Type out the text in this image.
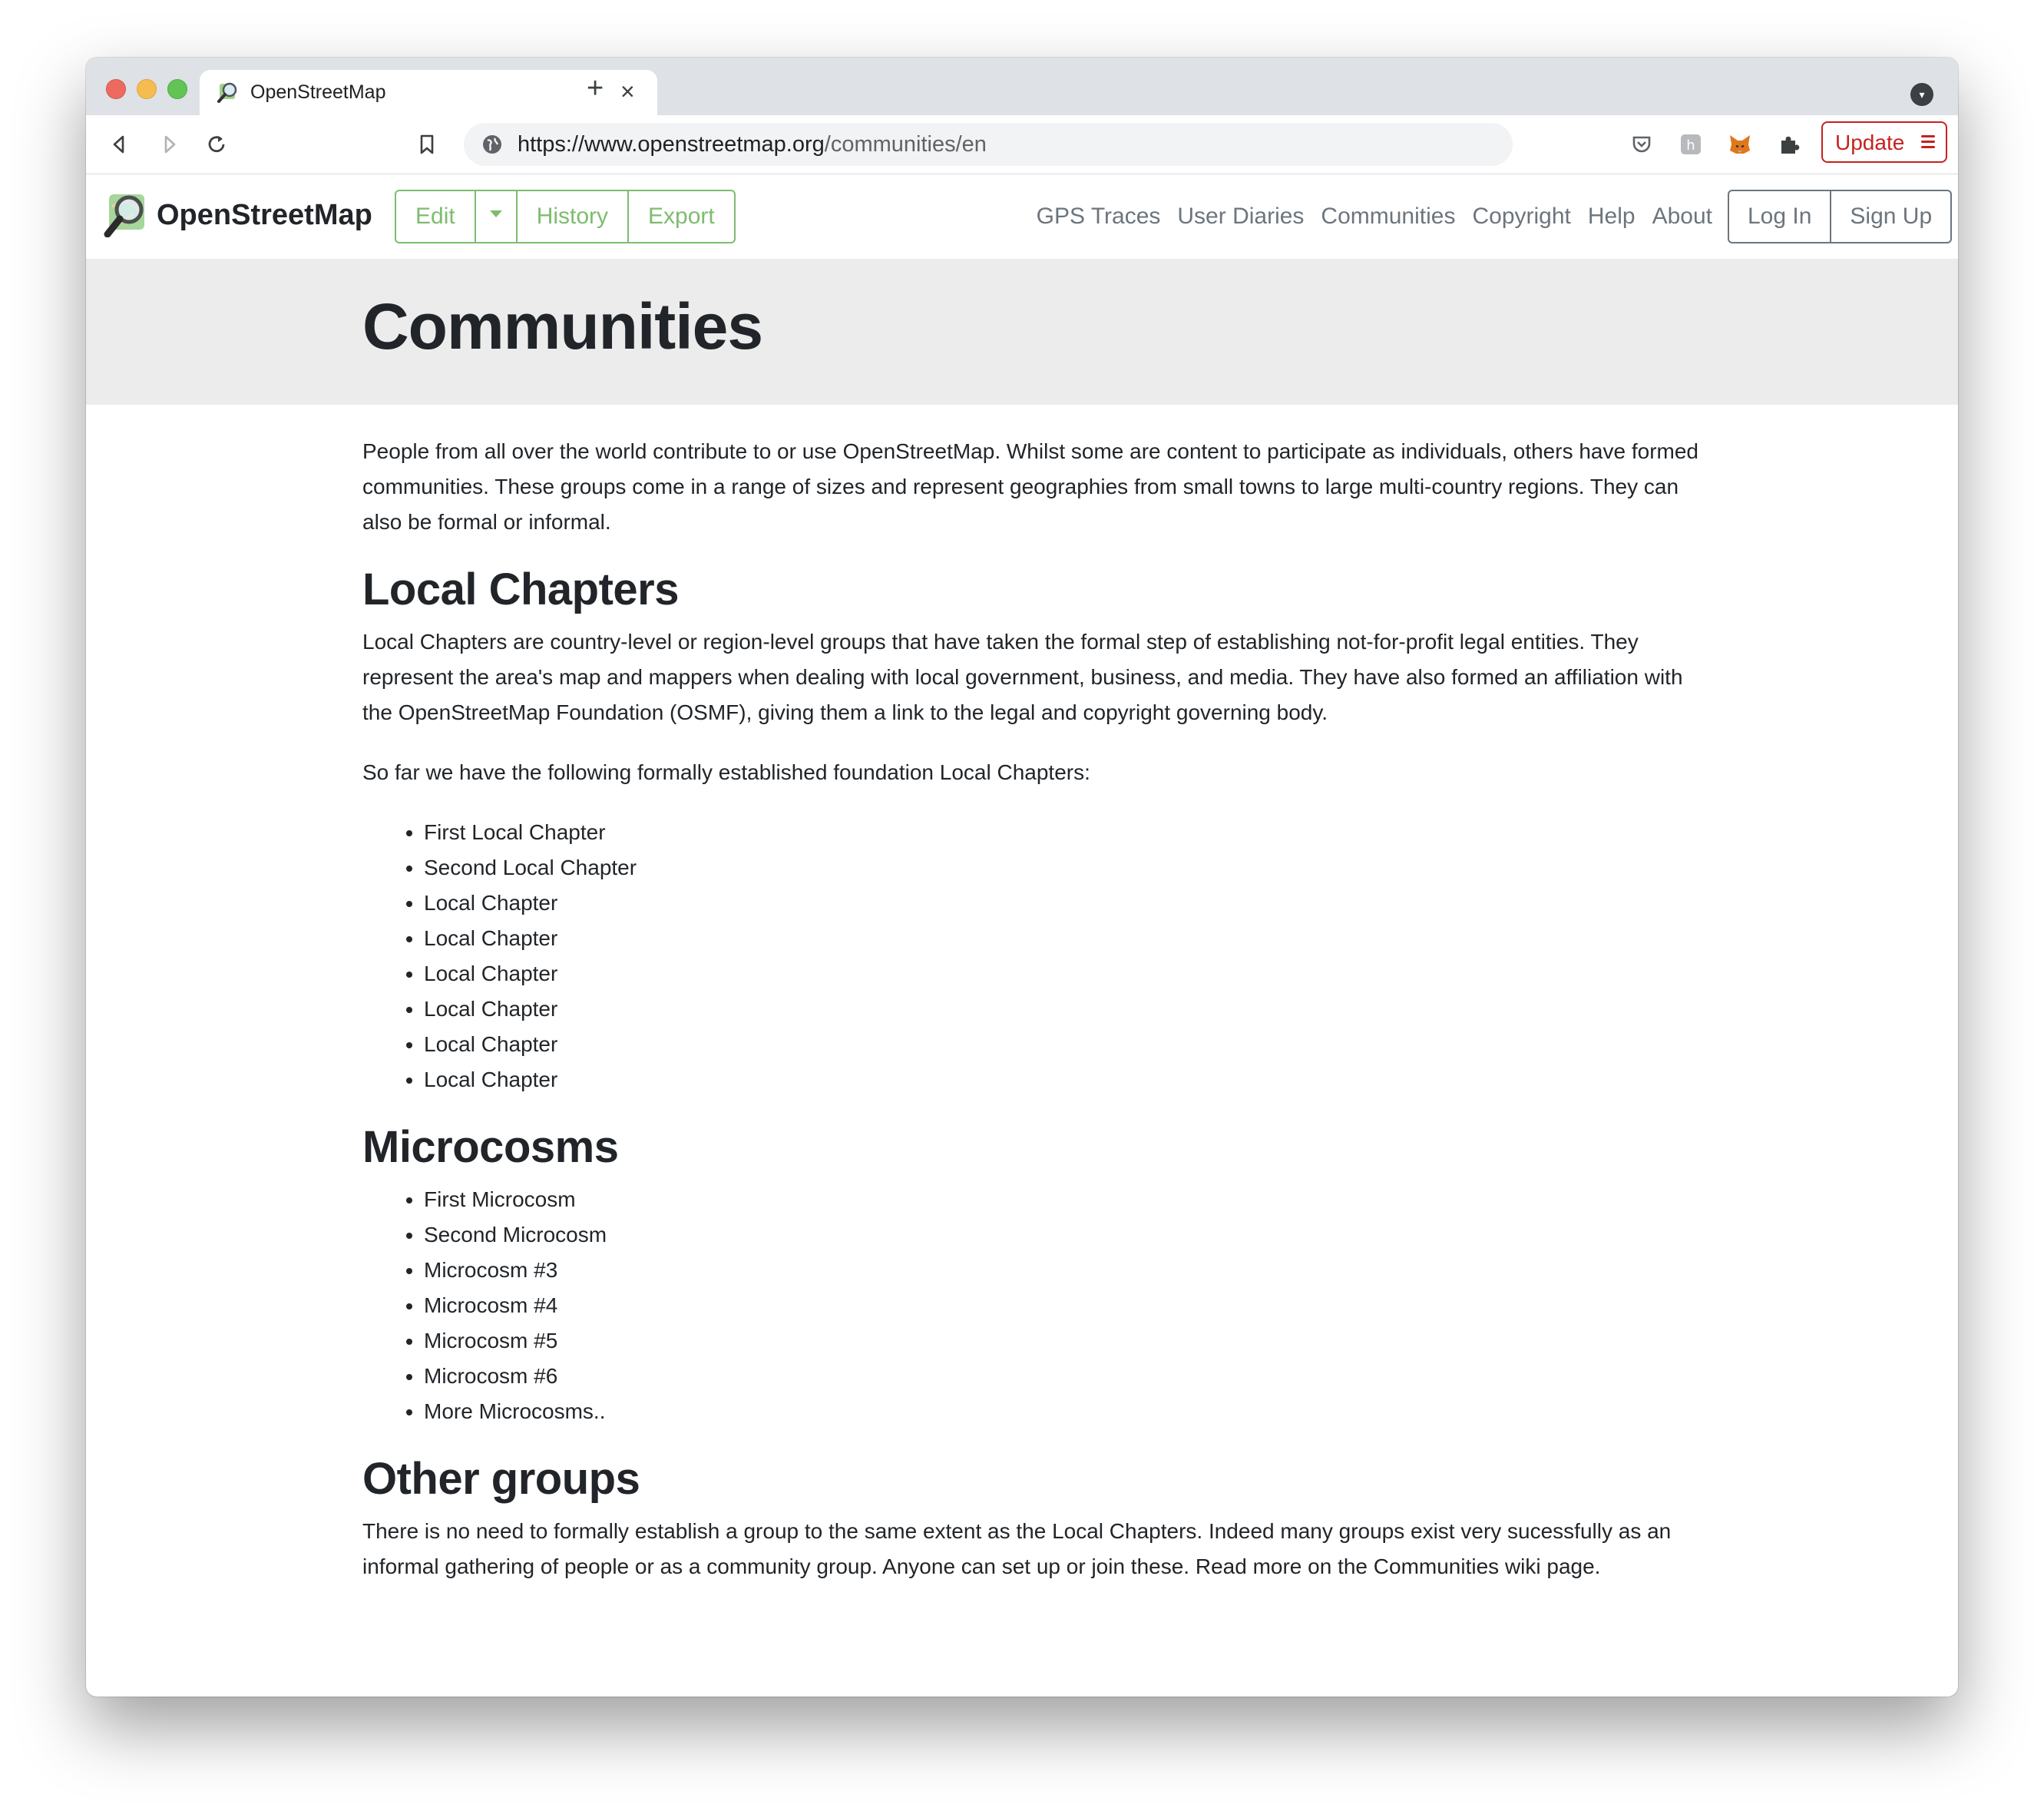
OpenStreetMap	×
+	▾
https://www.openstreetmap.org/communities/en	h	Update
OpenStreetMap	Edit	History	Export	GPS Traces User Diaries Communities Copyright Help About	Log In	Sign Up
Communities

People from all over the world contribute to or use OpenStreetMap. Whilst some are content to participate as individuals, others have formed communities. These groups come in a range of sizes and represent geographies from small towns to large multi-country regions. They can also be formal or informal.

Local Chapters

Local Chapters are country-level or region-level groups that have taken the formal step of establishing not-for-profit legal entities. They represent the area's map and mappers when dealing with local government, business, and media. They have also formed an affiliation with the OpenStreetMap Foundation (OSMF), giving them a link to the legal and copyright governing body.

So far we have the following formally established foundation Local Chapters:

• First Local Chapter
• Second Local Chapter
• Local Chapter
• Local Chapter
• Local Chapter
• Local Chapter
• Local Chapter
• Local Chapter
Microcosms
• First Microcosm
• Second Microcosm
• Microcosm #3
• Microcosm #4
• Microcosm #5
• Microcosm #6
• More Microcosms..
Other groups

There is no need to formally establish a group to the same extent as the Local Chapters. Indeed many groups exist very sucessfully as an informal gathering of people or as a community group. Anyone can set up or join these. Read more on the Communities wiki page.
